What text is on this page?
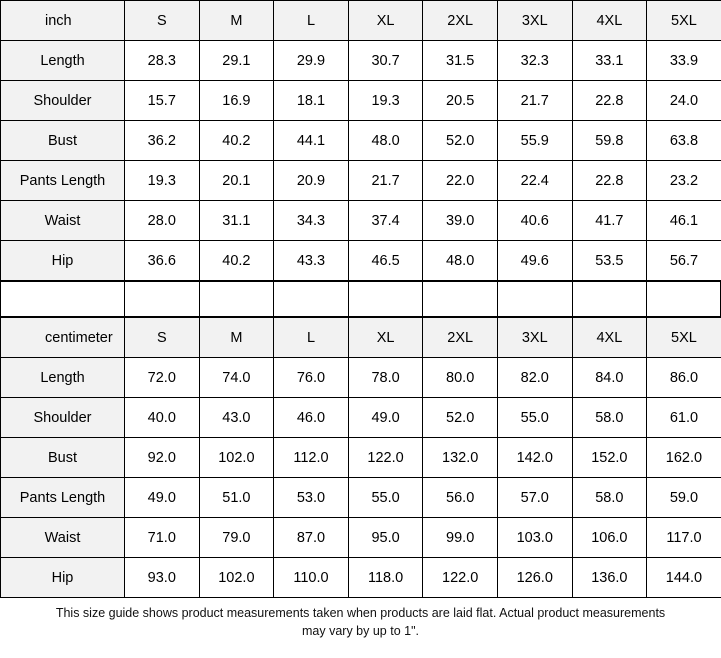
inch	S	M	L	XL	2XL	3XL	4XL	5XL
Length	28.3	29.1	29.9	30.7	31.5	32.3	33.1	33.9
Shoulder	15.7	16.9	18.1	19.3	20.5	21.7	22.8	24.0
Bust	36.2	40.2	44.1	48.0	52.0	55.9	59.8	63.8
Pants Length	19.3	20.1	20.9	21.7	22.0	22.4	22.8	23.2
Waist	28.0	31.1	34.3	37.4	39.0	40.6	41.7	46.1
Hip	36.6	40.2	43.3	46.5	48.0	49.6	53.5	56.7
centimeter	S	M	L	XL	2XL	3XL	4XL	5XL
Length	72.0	74.0	76.0	78.0	80.0	82.0	84.0	86.0
Shoulder	40.0	43.0	46.0	49.0	52.0	55.0	58.0	61.0
Bust	92.0	102.0	112.0	122.0	132.0	142.0	152.0	162.0
Pants Length	49.0	51.0	53.0	55.0	56.0	57.0	58.0	59.0
Waist	71.0	79.0	87.0	95.0	99.0	103.0	106.0	117.0
Hip	93.0	102.0	110.0	118.0	122.0	126.0	136.0	144.0
This size guide shows product measurements taken when products are laid flat. Actual product measurements
may vary by up to 1".
